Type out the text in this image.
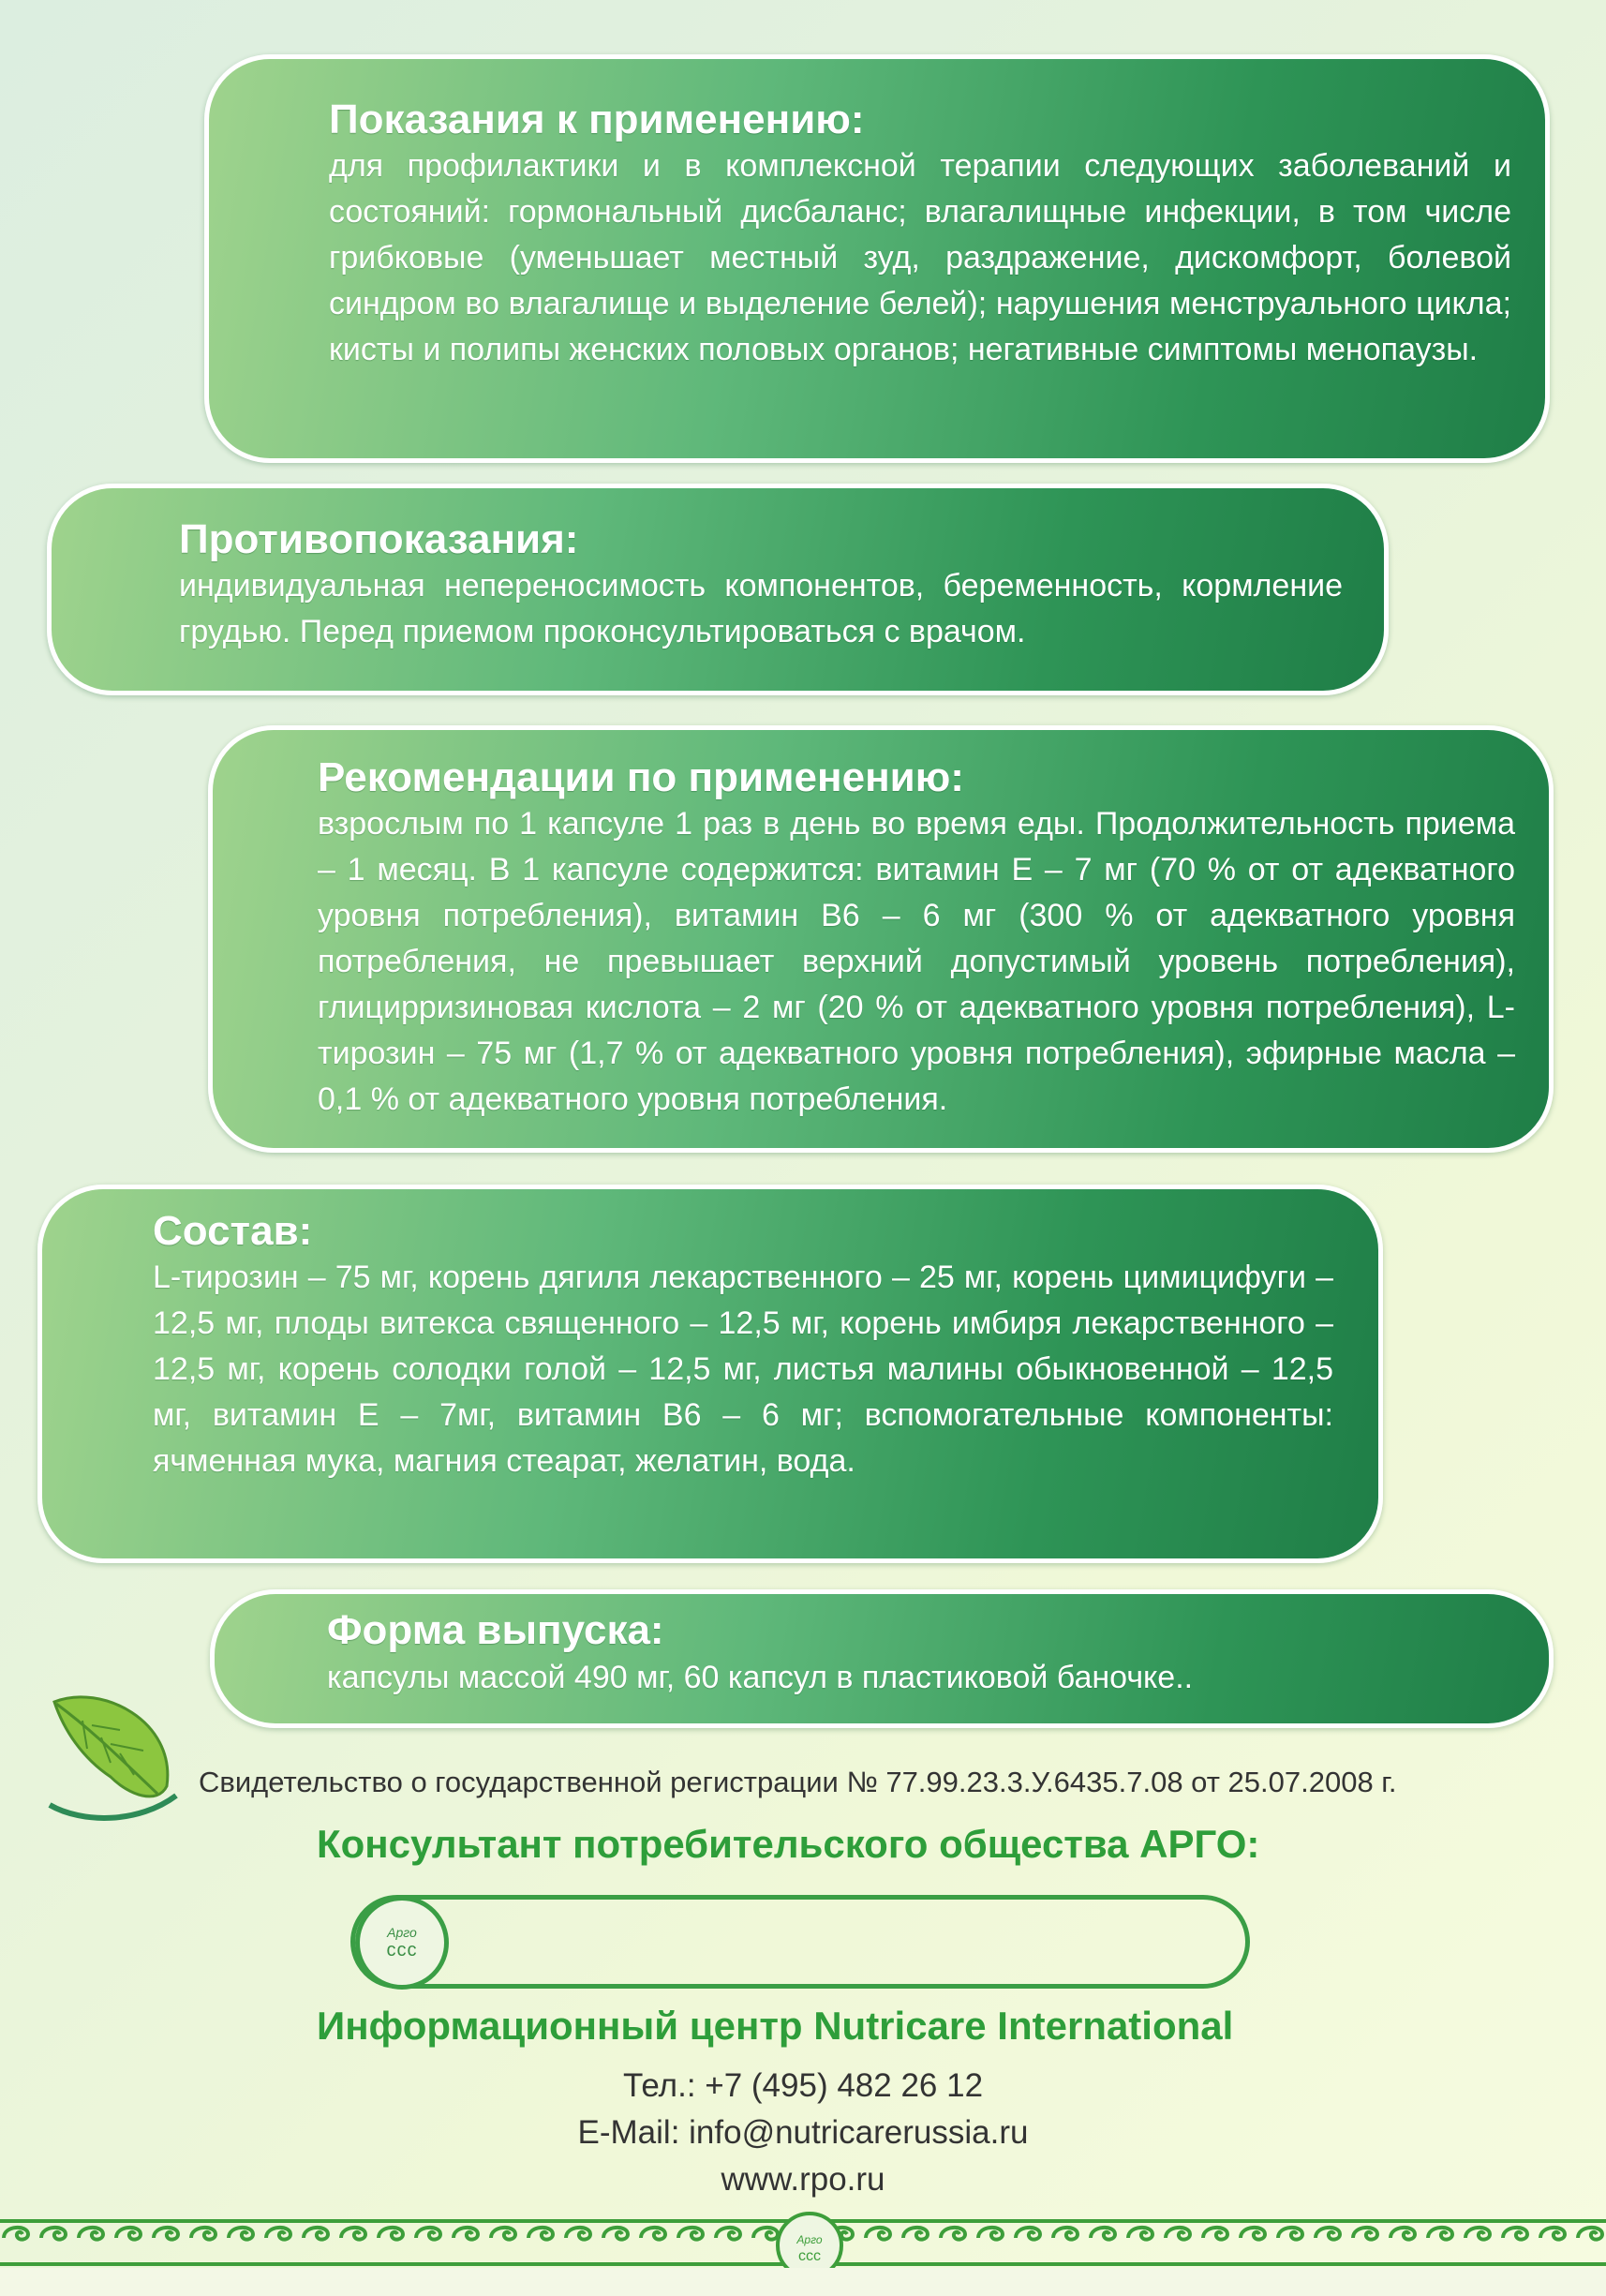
Показания к применению:

для профилактики и в комплексной терапии следующих заболеваний и состояний: гормональный дисбаланс; влагалищные инфекции, в том числе грибковые (уменьшает местный зуд, раздражение, дискомфорт, болевой синдром во влагалище и выделение белей); нарушения менструального цикла; кисты и полипы женских половых органов; негативные симптомы менопаузы.

Противопоказания:

индивидуальная непереносимость компонентов, беременность, кормление грудью. Перед приемом проконсультироваться с врачом.

Рекомендации по применению:

взрослым по 1 капсуле 1 раз в день во время еды. Продолжительность приема – 1 месяц. В 1 капсуле содержится: витамин Е – 7 мг (70 % от от адекватного уровня потребления), витамин В6 – 6 мг (300 % от адекватного уровня потребления, не превышает верхний допустимый уровень потребления), глицирризиновая кислота – 2 мг (20 % от адекватного уровня потребления), L-тирозин – 75 мг (1,7 % от адекватного уровня потребления), эфирные масла – 0,1 % от адекватного уровня потребления.

Состав:

L-тирозин – 75 мг, корень дягиля лекарственного – 25 мг, корень цимицифуги – 12,5 мг, плоды витекса священного – 12,5 мг, корень имбиря лекарственного – 12,5 мг, корень солодки голой – 12,5 мг, листья малины обыкновенной – 12,5 мг, витамин Е – 7мг, витамин В6 – 6 мг; вспомогательные компоненты: ячменная мука, магния стеарат, желатин, вода.

Форма выпуска:

капсулы массой 490 мг, 60 капсул в пластиковой баночке..

Свидетельство о государственной регистрации № 77.99.23.3.У.6435.7.08 от 25.07.2008 г.
Консультант потребительского общества АРГО:
Арго
ccc
Информационный центр Nutricare International
Тел.: +7 (495) 482 26 12
E-Mail: info@nutricarerussia.ru
www.rpo.ru
Арго
ccc
